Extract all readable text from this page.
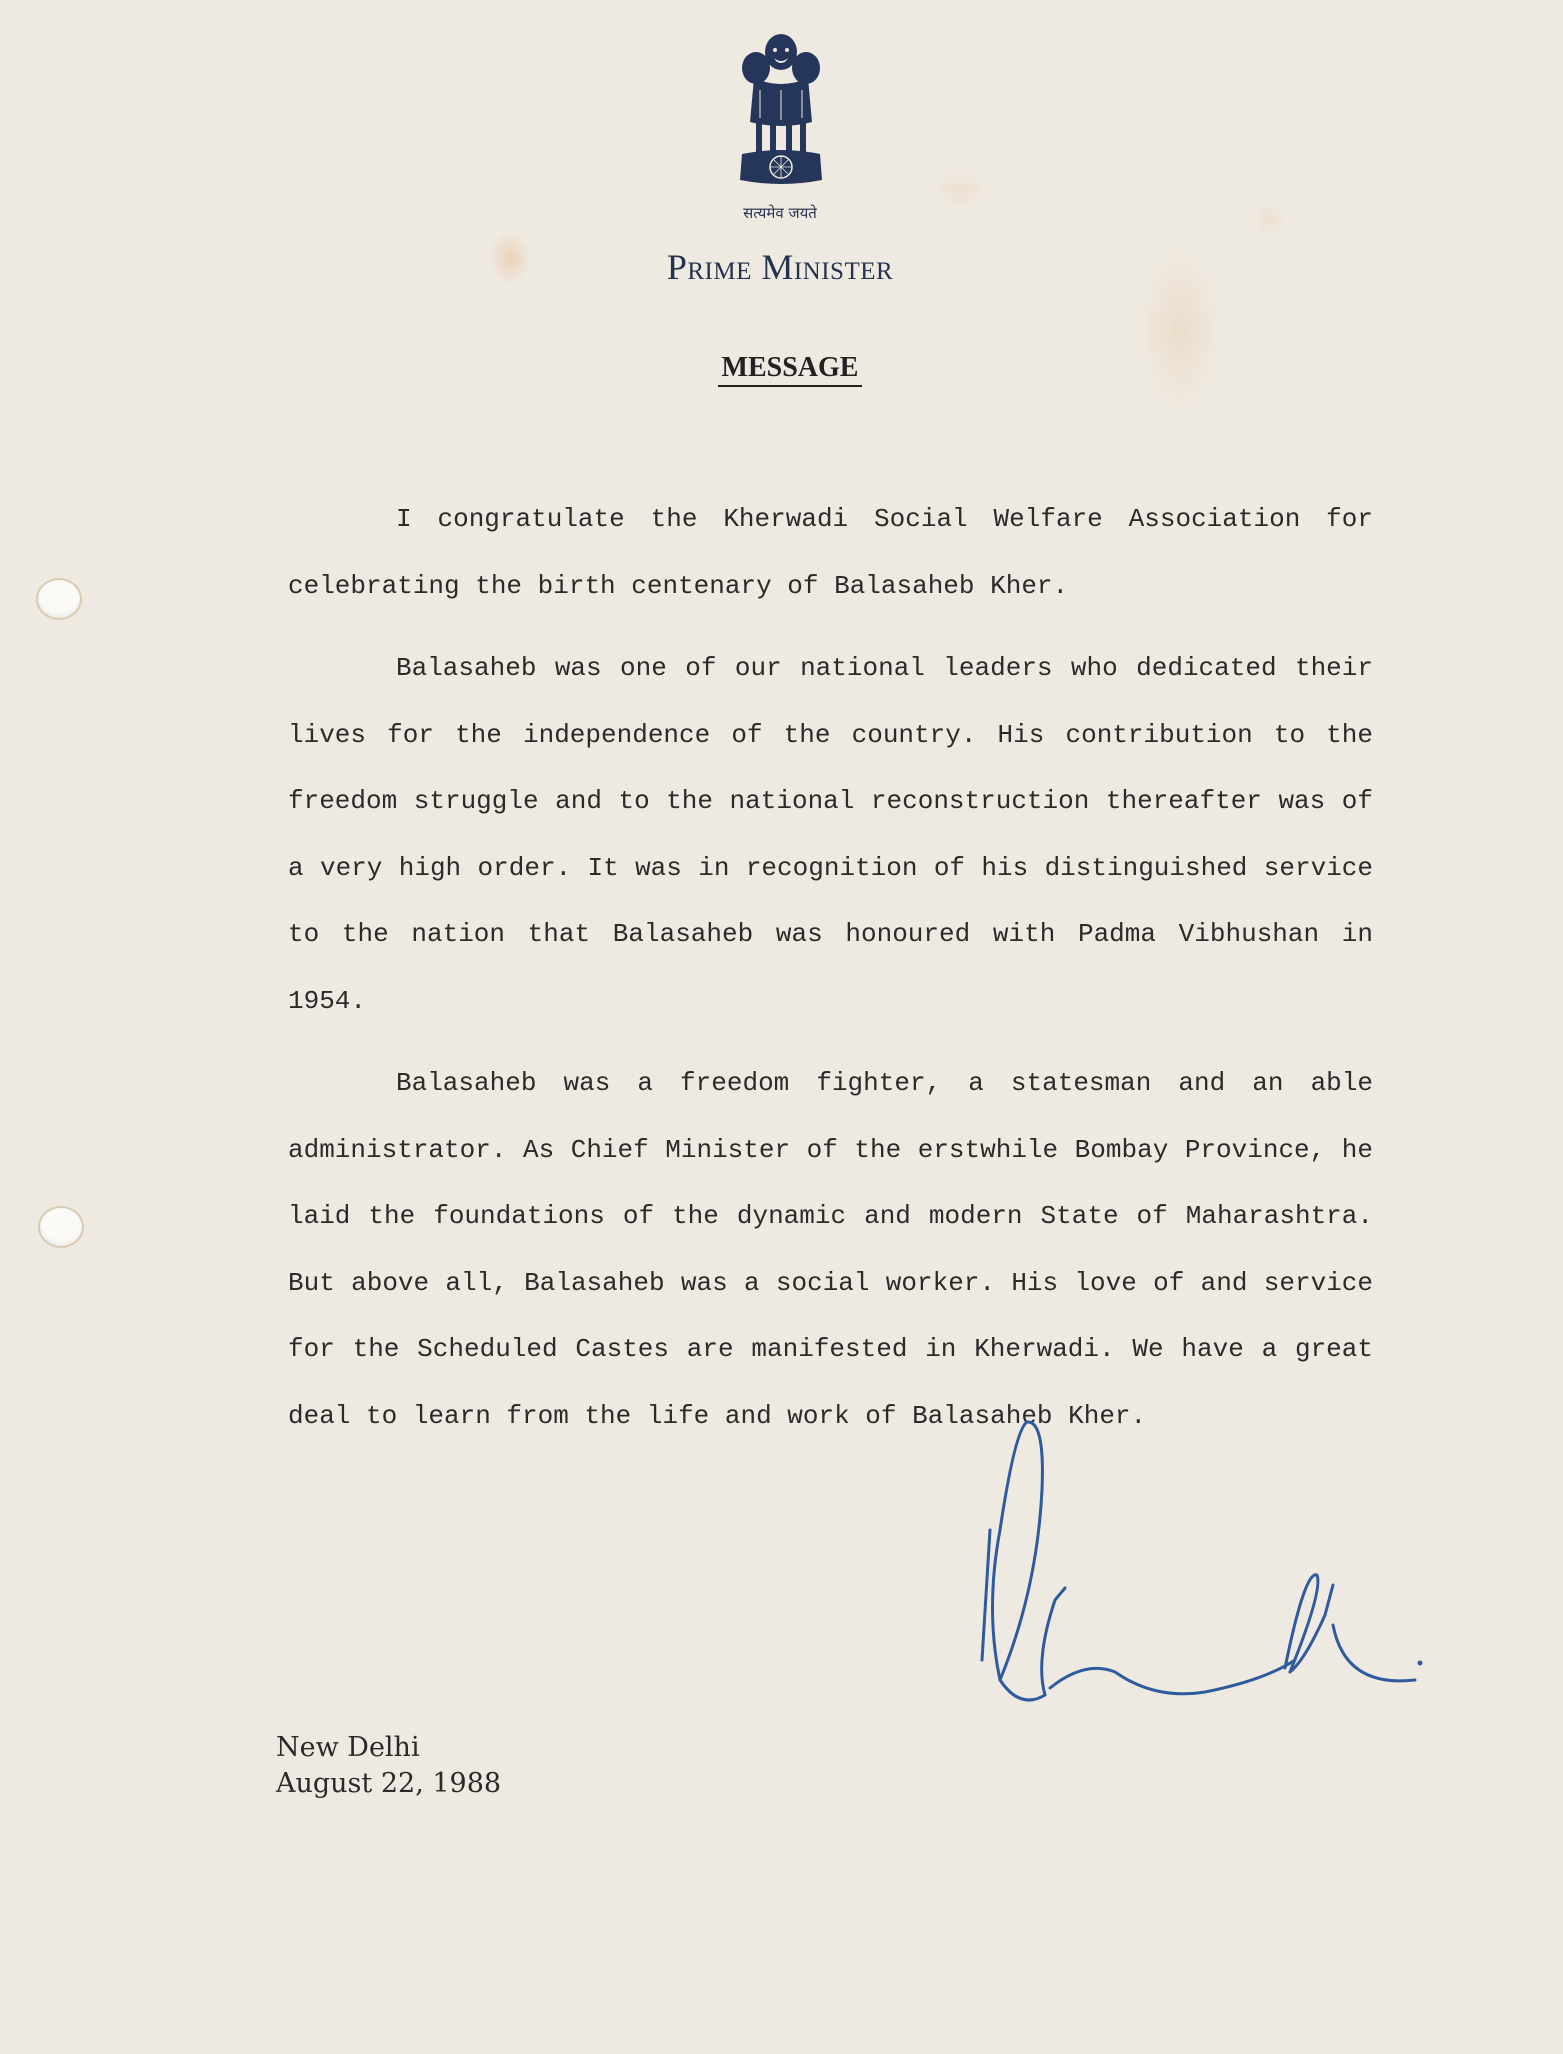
सत्यमेव जयते
Prime Minister
MESSAGE

I congratulate the Kherwadi Social Welfare Association for celebrating the birth centenary of Balasaheb Kher.

Balasaheb was one of our national leaders who dedicated their lives for the independence of the country. His contribution to the freedom struggle and to the national reconstruction thereafter was of a very high order. It was in recognition of his distinguished service to the nation that Balasaheb was honoured with Padma Vibhushan in 1954.

Balasaheb was a freedom fighter, a statesman and an able administrator. As Chief Minister of the erstwhile Bombay Province, he laid the foundations of the dynamic and modern State of Maharashtra. But above all, Balasaheb was a social worker. His love of and service for the Scheduled Castes are manifested in Kherwadi. We have a great deal to learn from the life and work of Balasaheb Kher.

New Delhi
August 22, 1988
